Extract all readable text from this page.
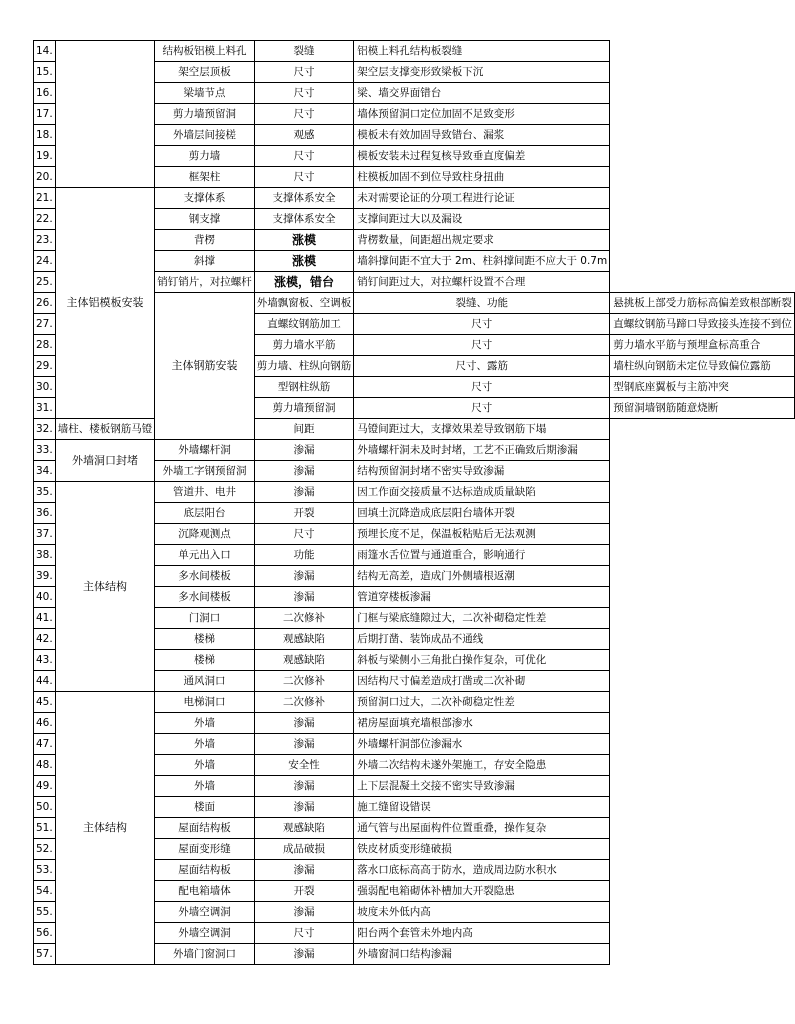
14.		结构板铝模上料孔	裂缝	铝模上料孔结构板裂缝	
15.		架空层顶板	尺寸	架空层支撑变形致梁板下沉	
16.		梁墙节点	尺寸	梁、墙交界面错台	
17.		剪力墙预留洞	尺寸	墙体预留洞口定位加固不足致变形	
18.		外墙层间接槎	观感	模板未有效加固导致错台、漏浆	
19.		剪力墙	尺寸	模板安装未过程复核导致垂直度偏差	
20.		框架柱	尺寸	柱模板加固不到位导致柱身扭曲	
21.	主体铝模板安装	支撑体系	支撑体系安全	未对需要论证的分项工程进行论证	
22.		钢支撑	支撑体系安全	支撑间距过大以及漏设	
23.		背楞	涨模	背楞数量，间距超出规定要求	
24.		斜撑	涨模	墙斜撑间距不宜大于 2m、柱斜撑间距不应大于 0.7m	
25.		销钉销片，对拉螺杆	涨模，错台	销钉间距过大，对拉螺杆设置不合理	
26.		主体钢筋安装	外墙飘窗板、空调板	裂缝、功能	悬挑板上部受力筋标高偏差致根部断裂
27.			直螺纹钢筋加工	尺寸	直螺纹钢筋马蹄口导致接头连接不到位
28.			剪力墙水平筋	尺寸	剪力墙水平筋与预埋盒标高重合
29.			剪力墙、柱纵向钢筋	尺寸、露筋	墙柱纵向钢筋未定位导致偏位露筋
30.			型钢柱纵筋	尺寸	型钢底座翼板与主筋冲突
31.			剪力墙预留洞	尺寸	预留洞墙钢筋随意烧断
32.	墙柱、楼板钢筋马镫		间距	马镫间距过大，支撑效果差导致钢筋下塌	
33.	外墙洞口封堵	外墙螺杆洞	渗漏	外墙螺杆洞未及时封堵，工艺不正确致后期渗漏	
34.		外墙工字钢预留洞	渗漏	结构预留洞封堵不密实导致渗漏	
35.	主体结构	管道井、电井	渗漏	因工作面交接质量不达标造成质量缺陷	
36.		底层阳台	开裂	回填土沉降造成底层阳台墙体开裂	
37.		沉降观测点	尺寸	预埋长度不足，保温板粘贴后无法观测	
38.		单元出入口	功能	雨篷水舌位置与通道重合，影响通行	
39.		多水间楼板	渗漏	结构无高差，造成门外侧墙根返潮	
40.		多水间楼板	渗漏	管道穿楼板渗漏	
41.		门洞口	二次修补	门框与梁底缝隙过大，二次补砌稳定性差	
42.		楼梯	观感缺陷	后期打凿、装饰成品不通线	
43.		楼梯	观感缺陷	斜板与梁侧小三角批白操作复杂，可优化	
44.		通风洞口	二次修补	因结构尺寸偏差造成打凿或二次补砌	
45.	主体结构	电梯洞口	二次修补	预留洞口过大，二次补砌稳定性差	
46.		外墙	渗漏	裙房屋面填充墙根部渗水	
47.		外墙	渗漏	外墙螺杆洞部位渗漏水	
48.		外墙	安全性	外墙二次结构未遂外架施工，存安全隐患	
49.		外墙	渗漏	上下层混凝土交接不密实导致渗漏	
50.		楼面	渗漏	施工缝留设错误	
51.		屋面结构板	观感缺陷	通气管与出屋面构件位置重叠，操作复杂	
52.		屋面变形缝	成品破损	铁皮材质变形缝破损	
53.		屋面结构板	渗漏	落水口底标高高于防水，造成周边防水积水	
54.		配电箱墙体	开裂	强弱配电箱砌体补槽加大开裂隐患	
55.		外墙空调洞	渗漏	坡度未外低内高	
56.		外墙空调洞	尺寸	阳台两个套管未外地内高	
57.		外墙门窗洞口	渗漏	外墙窗洞口结构渗漏	
